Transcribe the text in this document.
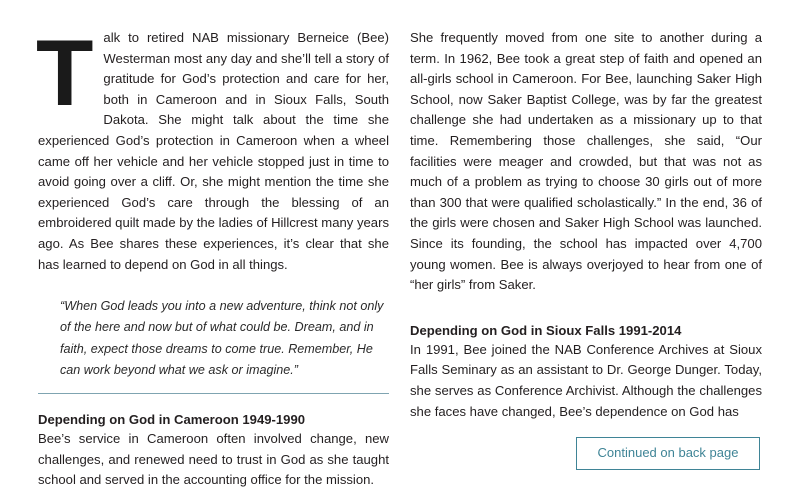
Talk to retired NAB missionary Berneice (Bee) Westerman most any day and she’ll tell a story of gratitude for God’s protection and care for her, both in Cameroon and in Sioux Falls, South Dakota. She might talk about the time she experienced God’s protection in Cameroon when a wheel came off her vehicle and her vehicle stopped just in time to avoid going over a cliff. Or, she might mention the time she experienced God’s care through the blessing of an embroidered quilt made by the ladies of Hillcrest many years ago. As Bee shares these experiences, it’s clear that she has learned to depend on God in all things.

“When God leads you into a new adventure, think not only of the here and now but of what could be. Dream, and in faith, expect those dreams to come true. Remember, He can work beyond what we ask or imagine.”

Depending on God in Cameroon 1949-1990

Bee’s service in Cameroon often involved change, new challenges, and renewed need to trust in God as she taught school and served in the accounting office for the mission.

She frequently moved from one site to another during a term. In 1962, Bee took a great step of faith and opened an all-girls school in Cameroon. For Bee, launching Saker High School, now Saker Baptist College, was by far the greatest challenge she had undertaken as a missionary up to that time. Remembering those challenges, she said, “Our facilities were meager and crowded, but that was not as much of a problem as trying to choose 30 girls out of more than 300 that were qualified scholastically.” In the end, 36 of the girls were chosen and Saker High School was launched. Since its founding, the school has impacted over 4,700 young women. Bee is always overjoyed to hear from one of “her girls” from Saker.

Depending on God in Sioux Falls 1991-2014

In 1991, Bee joined the NAB Conference Archives at Sioux Falls Seminary as an assistant to Dr. George Dunger. Today, she serves as Conference Archivist. Although the challenges she faces have changed, Bee’s dependence on God has

Continued on back page
